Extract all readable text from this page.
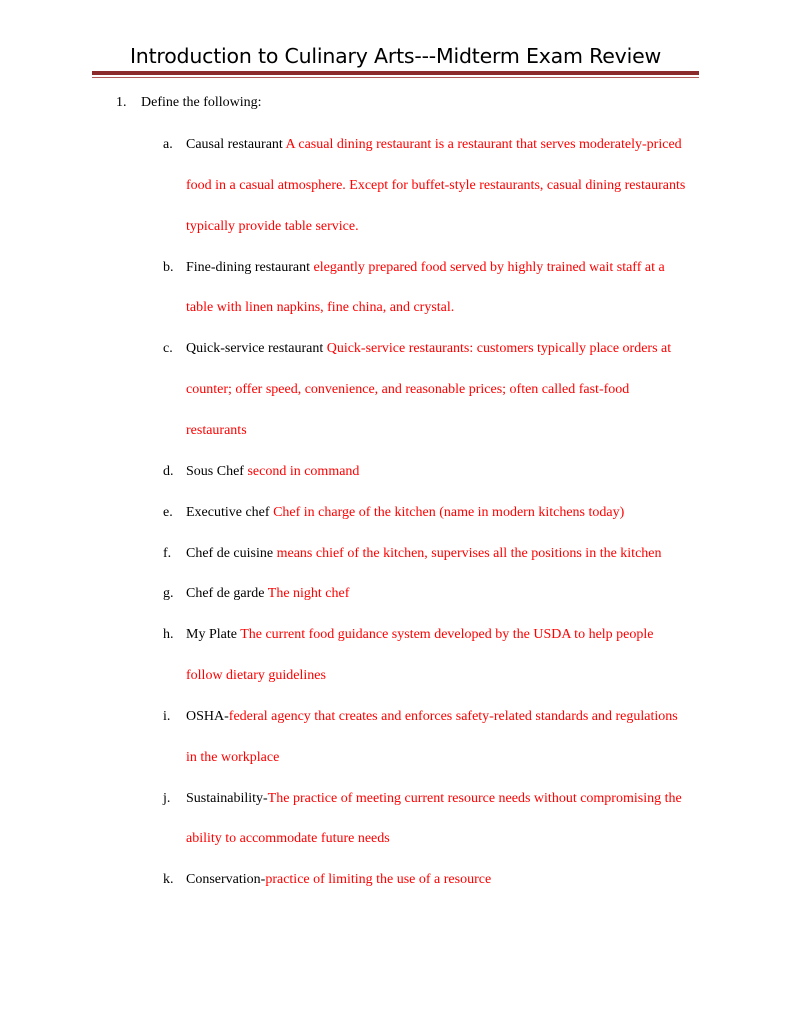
Introduction to Culinary Arts---Midterm Exam Review
1. Define the following:
a. Causal restaurant A casual dining restaurant is a restaurant that serves moderately-priced
food in a casual atmosphere. Except for buffet-style restaurants, casual dining restaurants
typically provide table service.
b. Fine-dining restaurant elegantly prepared food served by highly trained wait staff at a
table with linen napkins, fine china, and crystal.
c. Quick-service restaurant Quick-service restaurants: customers typically place orders at
counter; offer speed, convenience, and reasonable prices; often called fast-food
restaurants
d. Sous Chef second in command
e. Executive chef Chef in charge of the kitchen (name in modern kitchens today)
f. Chef de cuisine means chief of the kitchen, supervises all the positions in the kitchen
g. Chef de garde The night chef
h. My Plate The current food guidance system developed by the USDA to help people
follow dietary guidelines
i. OSHA-federal agency that creates and enforces safety-related standards and regulations
in the workplace
j. Sustainability-The practice of meeting current resource needs without compromising the
ability to accommodate future needs
k. Conservation-practice of limiting the use of a resource
